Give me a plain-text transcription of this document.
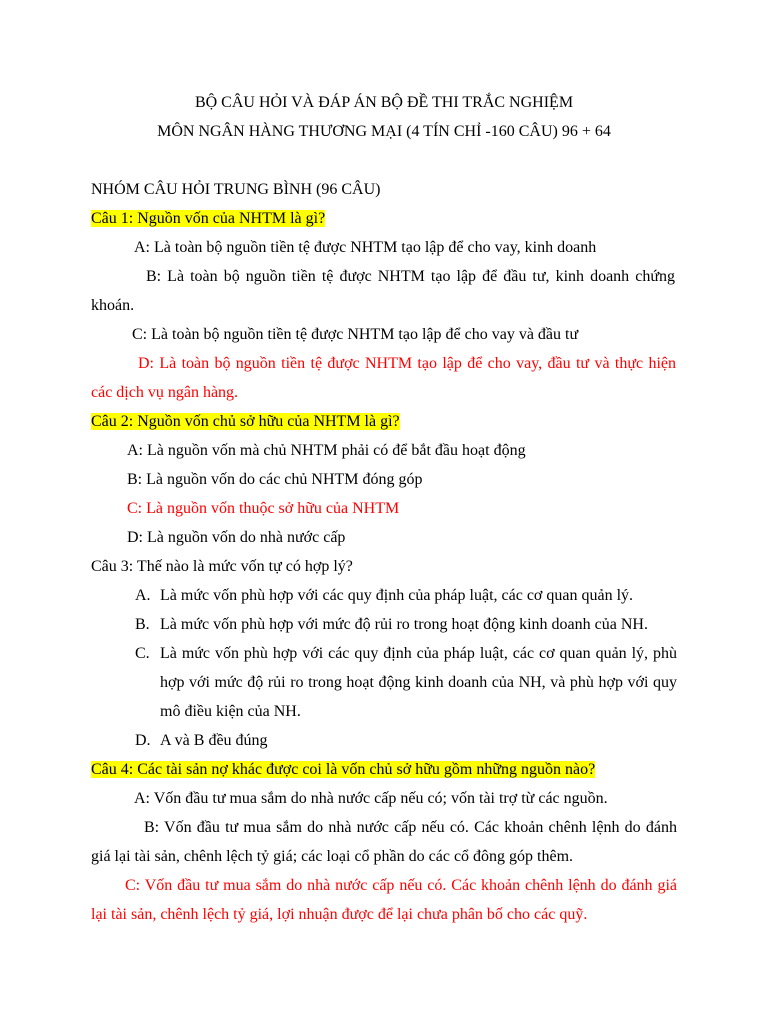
BỘ CÂU HỎI VÀ ĐÁP ÁN BỘ ĐỀ THI TRẮC NGHIỆM
MÔN NGÂN HÀNG THƯƠNG MẠI (4 TÍN CHỈ -160 CÂU) 96 + 64
NHÓM CÂU HỎI TRUNG BÌNH (96 CÂU)
Câu 1: Nguồn vốn của NHTM là gì?
A: Là toàn bộ nguồn tiền tệ được NHTM tạo lập để cho vay, kinh doanh
B: Là toàn bộ nguồn tiền tệ được NHTM tạo lập để đầu tư, kinh doanh chứng
khoán.
C: Là toàn bộ nguồn tiền tệ được NHTM tạo lập để cho vay và đầu tư
D: Là toàn bộ nguồn tiền tệ được NHTM tạo lập để cho vay, đầu tư và thực hiện
các dịch vụ ngân hàng.
Câu 2: Nguồn vốn chủ sở hữu của NHTM là gì?
A: Là nguồn vốn mà chủ NHTM phải có để bắt đầu hoạt động
B: Là nguồn vốn do các chủ NHTM đóng góp
C: Là nguồn vốn thuộc sở hữu của NHTM
D: Là nguồn vốn do nhà nước cấp
Câu 3: Thế nào là mức vốn tự có hợp lý?
A. Là mức vốn phù hợp với các quy định của pháp luật, các cơ quan quản lý.
B. Là mức vốn phù hợp với mức độ rủi ro trong hoạt động kinh doanh của NH.
C. Là mức vốn phù hợp với các quy định của pháp luật, các cơ quan quản lý, phù
hợp với mức độ rủi ro trong hoạt động kinh doanh của NH, và phù hợp với quy
mô điều kiện của NH.
D. A và B đều đúng
Câu 4: Các tài sản nợ khác được coi là vốn chủ sở hữu gồm những nguồn nào?
A: Vốn đầu tư mua sắm do nhà nước cấp nếu có; vốn tài trợ từ các nguồn.
B: Vốn đầu tư mua sắm do nhà nước cấp nếu có. Các khoản chênh lệnh do đánh
giá lại tài sản, chênh lệch tỷ giá; các loại cổ phần do các cổ đông góp thêm.
C: Vốn đầu tư mua sắm do nhà nước cấp nếu có. Các khoản chênh lệnh do đánh giá
lại tài sản, chênh lệch tỷ giá, lợi nhuận được để lại chưa phân bố cho các quỹ.
